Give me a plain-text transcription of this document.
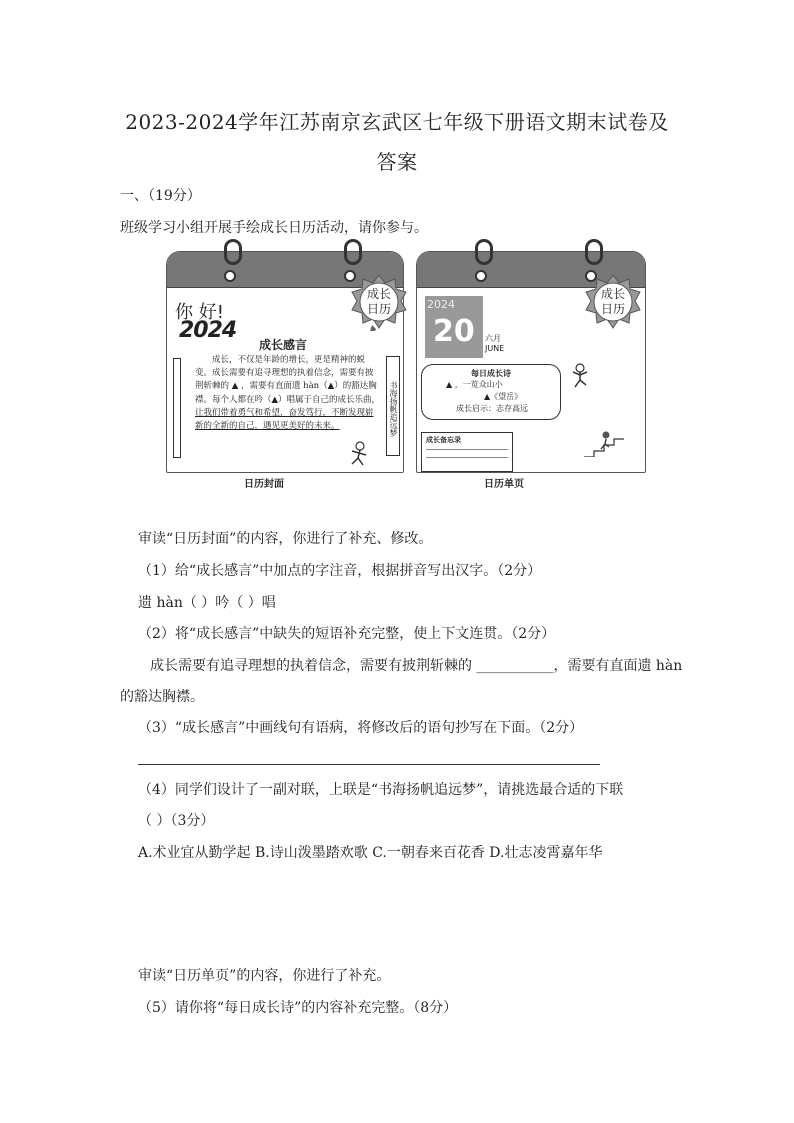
2023-2024学年江苏南京玄武区七年级下册语文期末试卷及
答案
一、（19分）
班级学习小组开展手绘成长日历活动，请你参与。
你 好!
2024
成长感言
成长，不仅是年龄的增长，更是精神的蜕变。成长需要有追寻理想的执着信念，需要有披荆斩棘的 ▲ ，需要有直面遗 hàn（▲）的豁达胸襟。每个人都在吟（▲）唱属于自己的成长乐曲，让我们带着勇气和希望，奋发笃行，不断发现崭新的全新的自己，遇见更美好的未来。	书海扬帆追远梦
成长
日历
日历封面
2024
20 六月
JUNE
每日成长诗
▲ ，一览众山小
▲《望岳》
成长启示：志存高远
成长备忘录
成长
日历
日历单页
审读“日历封面”的内容，你进行了补充、修改。
（1）给“成长感言”中加点的字注音，根据拼音写出汉字。（2分）
遗 hàn（ ）吟（ ）唱
（2）将“成长感言”中缺失的短语补充完整，使上下文连贯。（2分）
成长需要有追寻理想的执着信念，需要有披荆斩棘的 ___________，需要有直面遗 hàn
的豁达胸襟。
（3）“成长感言”中画线句有语病，将修改后的语句抄写在下面。（2分）
（4）同学们设计了一副对联，上联是“书海扬帆追远梦”，请挑选最合适的下联
（ ）（3分）
A.术业宜从勤学起 B.诗山泼墨踏欢歌 C.一朝春来百花香 D.壮志凌霄嘉年华
审读“日历单页”的内容，你进行了补充。
（5）请你将“每日成长诗”的内容补充完整。（8分）
